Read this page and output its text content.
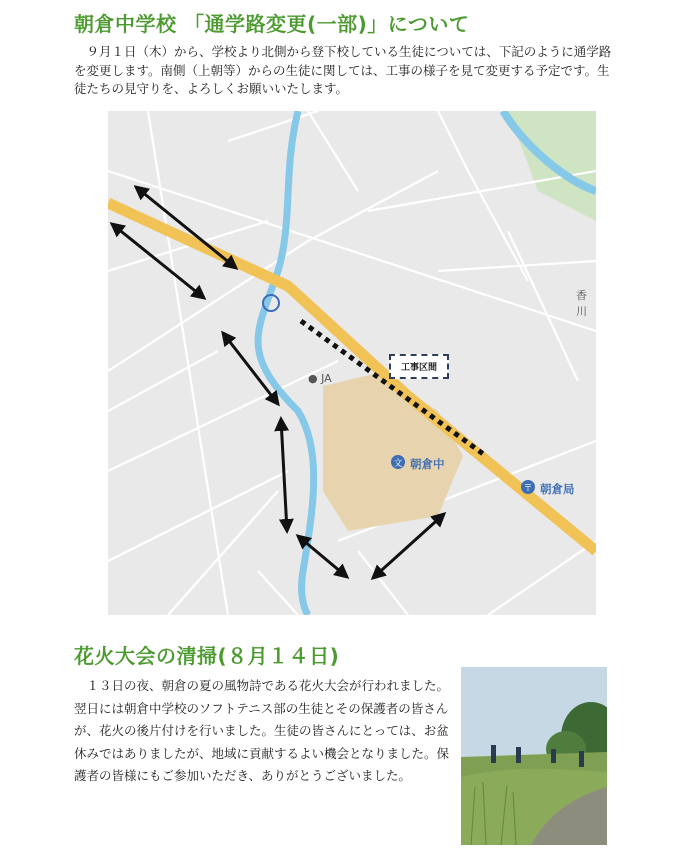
朝倉中学校 「通学路変更(一部)」について
　９月１日（木）から、学校より北側から登下校している生徒については、下記のように通学路を変更します。南側（上朝等）からの生徒に関しては、工事の様子を見て変更する予定です。生徒たちの見守りを、よろしくお願いいたします。
文
〒
● JA
朝倉中
朝倉局
香川
工事区間
花火大会の清掃(８月１４日)
　１３日の夜、朝倉の夏の風物詩である花火大会が行われました。翌日には朝倉中学校のソフトテニス部の生徒とその保護者の皆さんが、花火の後片付けを行いました。生徒の皆さんにとっては、お盆休みではありましたが、地域に貢献するよい機会となりました。保護者の皆様にもご参加いただき、ありがとうございました。
